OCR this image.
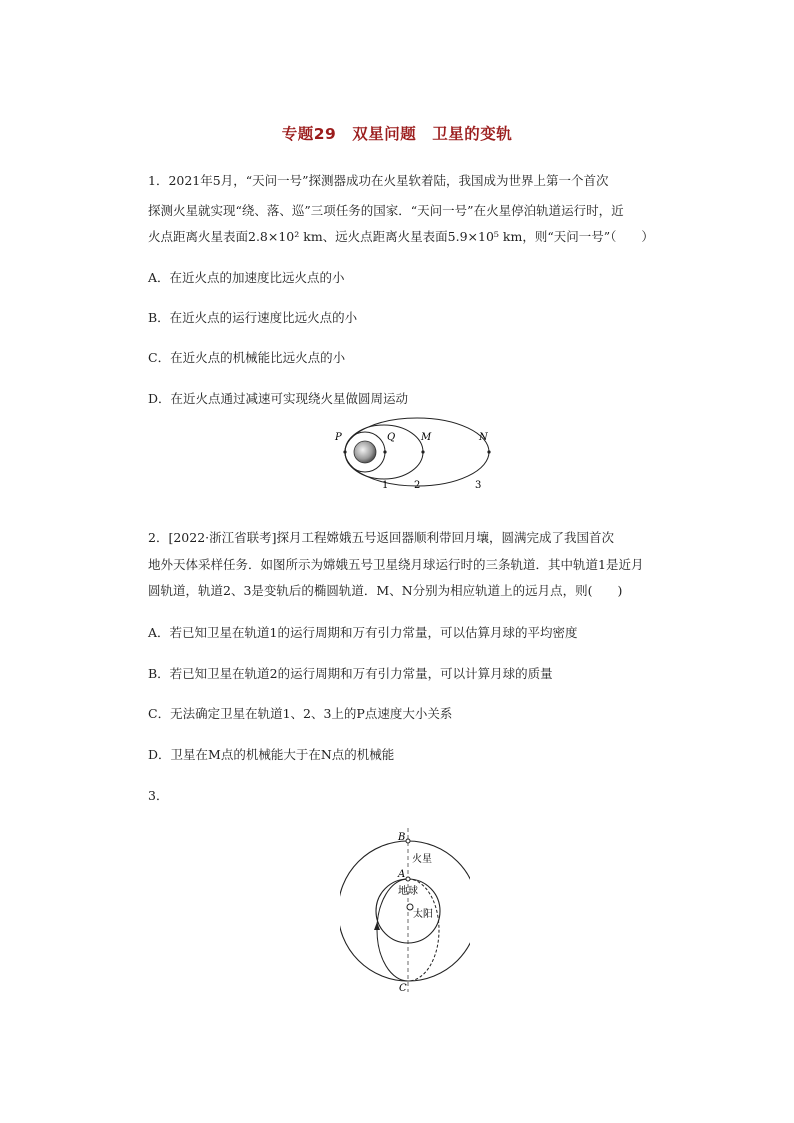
专题29　双星问题　卫星的变轨
1．2021年5月，“天问一号”探测器成功在火星软着陆，我国成为世界上第一个首次
探测火星就实现“绕、落、巡”三项任务的国家．“天问一号”在火星停泊轨道运行时，近
火点距离火星表面2.8×10² km、远火点距离火星表面5.9×10⁵ km，则“天问一号”（　　）
A．在近火点的加速度比远火点的小
B．在近火点的运行速度比远火点的小
C．在近火点的机械能比远火点的小
D．在近火点通过减速可实现绕火星做圆周运动
P	Q	M	N
1	2	3
2．[2022·浙江省联考]探月工程嫦娥五号返回器顺利带回月壤，圆满完成了我国首次
地外天体采样任务．如图所示为嫦娥五号卫星绕月球运行时的三条轨道．其中轨道1是近月
圆轨道，轨道2、3是变轨后的椭圆轨道．M、N分别为相应轨道上的远月点，则(　　)
A．若已知卫星在轨道1的运行周期和万有引力常量，可以估算月球的平均密度
B．若已知卫星在轨道2的运行周期和万有引力常量，可以计算月球的质量
C．无法确定卫星在轨道1、2、3上的P点速度大小关系
D．卫星在M点的机械能大于在N点的机械能
3．
B
火星
A
地球
太阳
C
